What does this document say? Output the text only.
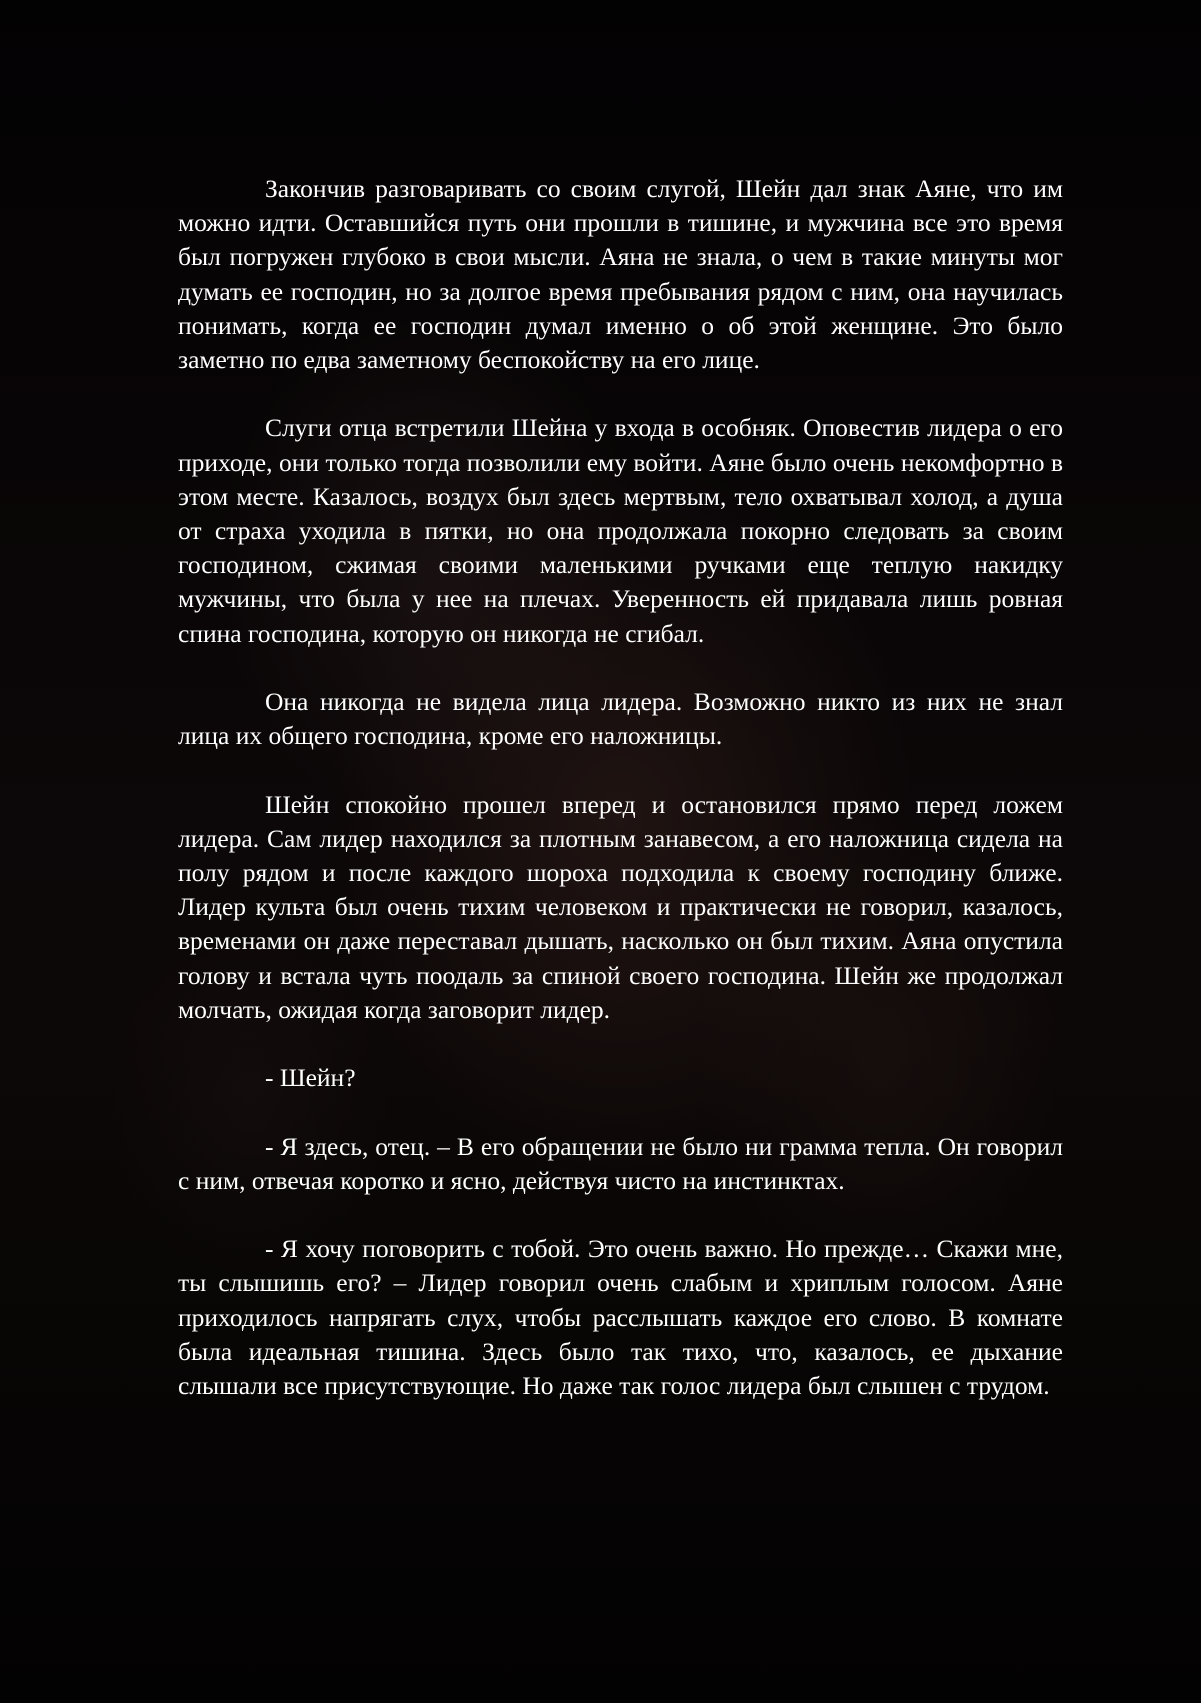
Закончив разговаривать со своим слугой, Шейн дал знак Аяне, что им можно идти. Оставшийся путь они прошли в тишине, и мужчина все это время был погружен глубоко в свои мысли. Аяна не знала, о чем в такие минуты мог думать ее господин, но за долгое время пребывания рядом с ним, она научилась понимать, когда ее господин думал именно о об этой женщине. Это было заметно по едва заметному беспокойству на его лице.

Слуги отца встретили Шейна у входа в особняк. Оповестив лидера о его приходе, они только тогда позволили ему войти. Аяне было очень некомфортно в этом месте. Казалось, воздух был здесь мертвым, тело охватывал холод, а душа от страха уходила в пятки, но она продолжала покорно следовать за своим господином, сжимая своими маленькими ручками еще теплую накидку мужчины, что была у нее на плечах. Уверенность ей придавала лишь ровная спина господина, которую он никогда не сгибал.

Она никогда не видела лица лидера. Возможно никто из них не знал лица их общего господина, кроме его наложницы.

Шейн спокойно прошел вперед и остановился прямо перед ложем лидера. Сам лидер находился за плотным занавесом, а его наложница сидела на полу рядом и после каждого шороха подходила к своему господину ближе. Лидер культа был очень тихим человеком и практически не говорил, казалось, временами он даже переставал дышать, насколько он был тихим. Аяна опустила голову и встала чуть поодаль за спиной своего господина. Шейн же продолжал молчать, ожидая когда заговорит лидер.

- Шейн?

- Я здесь, отец. – В его обращении не было ни грамма тепла. Он говорил с ним, отвечая коротко и ясно, действуя чисто на инстинктах.

- Я хочу поговорить с тобой. Это очень важно. Но прежде… Скажи мне, ты слышишь его? – Лидер говорил очень слабым и хриплым голосом. Аяне приходилось напрягать слух, чтобы расслышать каждое его слово. В комнате была идеальная тишина. Здесь было так тихо, что, казалось, ее дыхание слышали все присутствующие. Но даже так голос лидера был слышен с трудом.
